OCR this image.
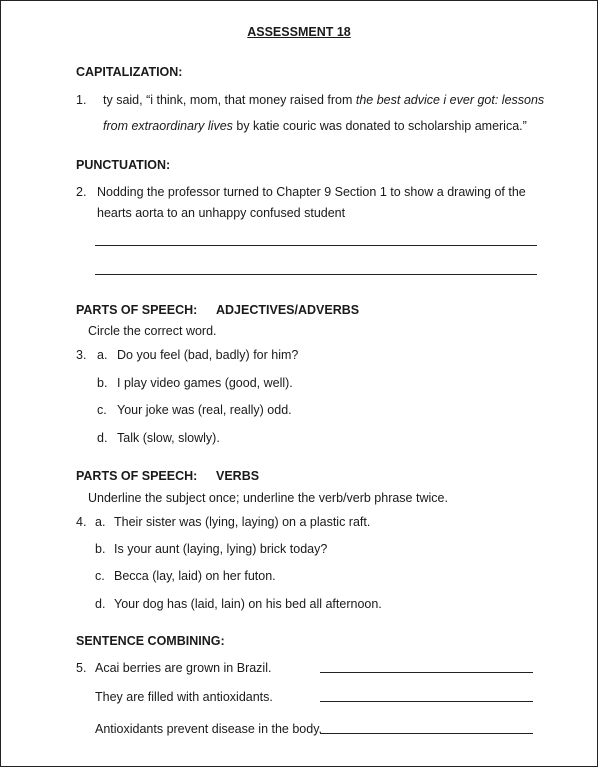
ASSESSMENT 18
CAPITALIZATION:
1. ty said, “i think, mom, that money raised from the best advice i ever got: lessons
from extraordinary lives by katie couric was donated to scholarship america.”
PUNCTUATION:
2. Nodding the professor turned to Chapter 9 Section 1 to show a drawing of the
hearts aorta to an unhappy confused student
PARTS OF SPEECH: ADJECTIVES/ADVERBS
Circle the correct word.
3. a. Do you feel (bad, badly) for him?
b. I play video games (good, well).
c. Your joke was (real, really) odd.
d. Talk (slow, slowly).
PARTS OF SPEECH: VERBS
Underline the subject once; underline the verb/verb phrase twice.
4. a. Their sister was (lying, laying) on a plastic raft.
b. Is your aunt (laying, lying) brick today?
c. Becca (lay, laid) on her futon.
d. Your dog has (laid, lain) on his bed all afternoon.
SENTENCE COMBINING:
5. Acai berries are grown in Brazil.
They are filled with antioxidants.
Antioxidants prevent disease in the body.
